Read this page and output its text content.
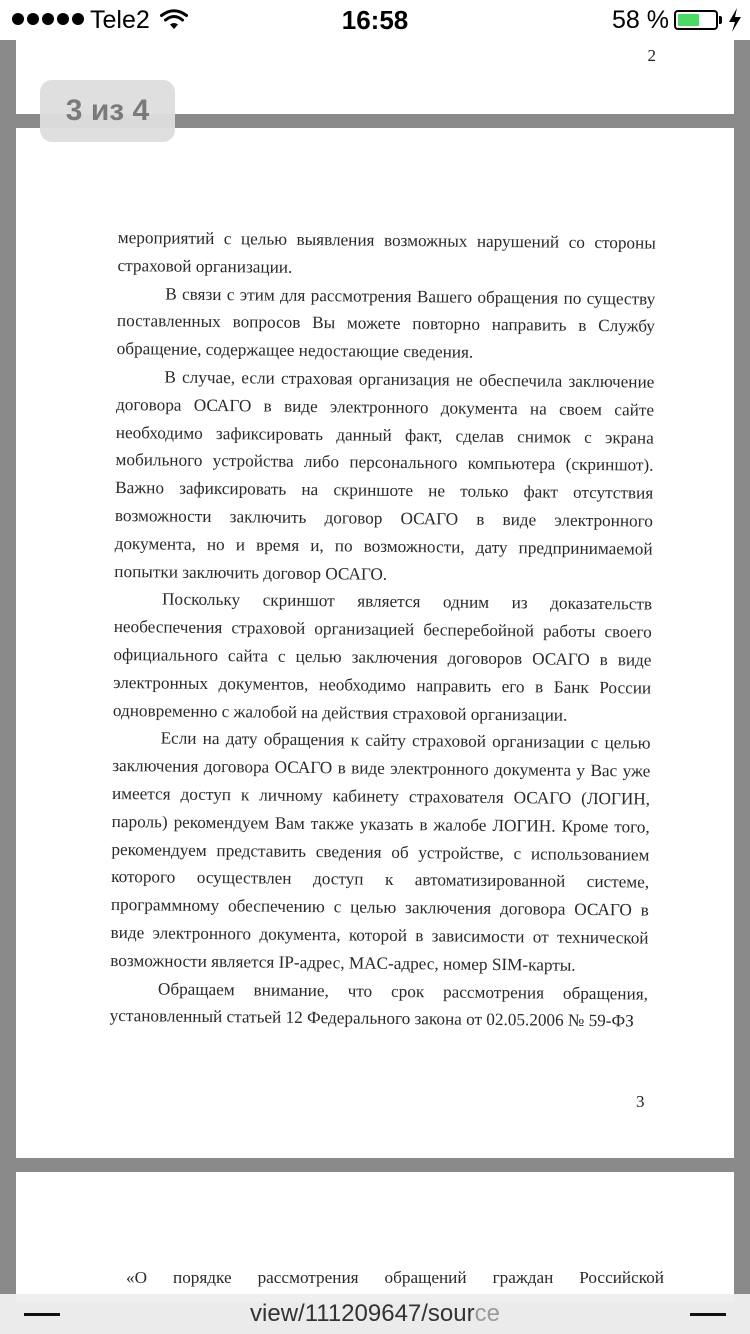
Tele2	16:58	58 %
2

мероприятий с целью выявления возможных нарушений со стороны страховой организации.

В связи с этим для рассмотрения Вашего обращения по существу поставленных вопросов Вы можете повторно направить в Службу обращение, содержащее недостающие сведения.

В случае, если страховая организация не обеспечила заключение договора ОСАГО в виде электронного документа на своем сайте необходимо зафиксировать данный факт, сделав снимок с экрана мобильного устройства либо персонального компьютера (скриншот). Важно зафиксировать на скриншоте не только факт отсутствия возможности заключить договор ОСАГО в виде электронного документа, но и время и, по возможности, дату предпринимаемой попытки заключить договор ОСАГО.

Поскольку скриншот является одним из доказательств необеспечения страховой организацией бесперебойной работы своего официального сайта с целью заключения договоров ОСАГО в виде электронных документов, необходимо направить его в Банк России одновременно с жалобой на действия страховой организации.

Если на дату обращения к сайту страховой организации с целью заключения договора ОСАГО в виде электронного документа у Вас уже имеется доступ к личному кабинету страхователя ОСАГО (ЛОГИН, пароль) рекомендуем Вам также указать в жалобе ЛОГИН. Кроме того, рекомендуем представить сведения об устройстве, с использованием которого осуществлен доступ к автоматизированной системе, программному обеспечению с целью заключения договора ОСАГО в виде электронного документа, которой в зависимости от технической возможности является IP-адрес, MAC-адрес, номер SIM-карты.

Обращаем внимание, что срок рассмотрения обращения, установленный статьей 12 Федерального закона от 02.05.2006 № 59-ФЗ

3
«О порядке рассмотрения обращений граждан Российской
3 из 4
view/111209647/source
